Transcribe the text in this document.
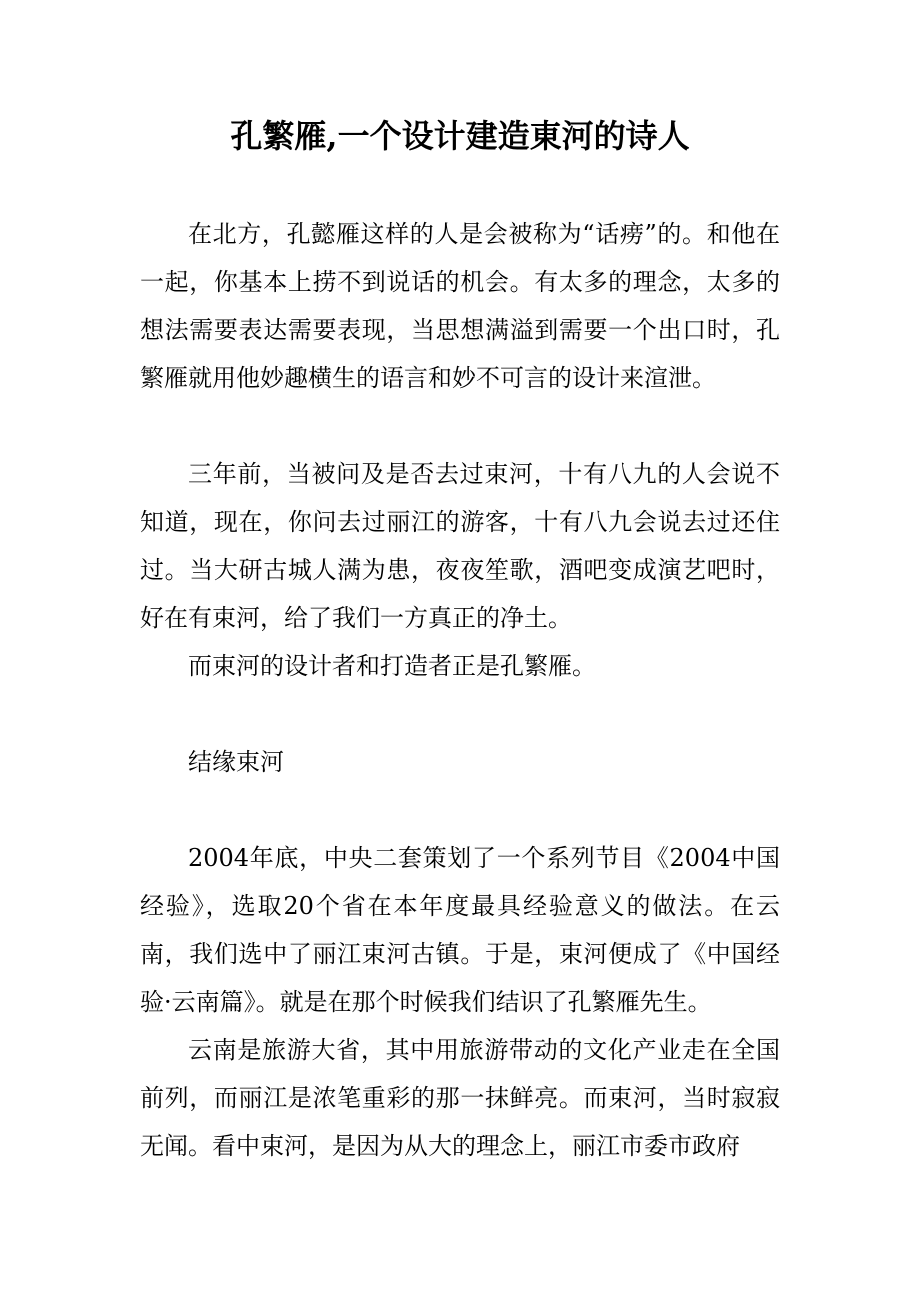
孔繁雁,一个设计建造東河的诗人

在北方，孔懿雁这样的人是会被称为“话痨”的。和他在一起，你基本上捞不到说话的机会。有太多的理念，太多的想法需要表达需要表现，当思想满溢到需要一个出口时，孔繁雁就用他妙趣横生的语言和妙不可言的设计来渲泄。

三年前，当被问及是否去过束河，十有八九的人会说不知道，现在，你问去过丽江的游客，十有八九会说去过还住过。当大研古城人满为患，夜夜笙歌，酒吧变成演艺吧时，好在有束河，给了我们一方真正的净土。

而束河的设计者和打造者正是孔繁雁。

结缘束河

2004年底，中央二套策划了一个系列节目《2004中国经验》，选取20个省在本年度最具经验意义的做法。在云南，我们选中了丽江束河古镇。于是，束河便成了《中国经验·云南篇》。就是在那个时候我们结识了孔繁雁先生。

云南是旅游大省，其中用旅游带动的文化产业走在全国前列，而丽江是浓笔重彩的那一抹鲜亮。而束河，当时寂寂无闻。看中束河，是因为从大的理念上，丽江市委市政府
